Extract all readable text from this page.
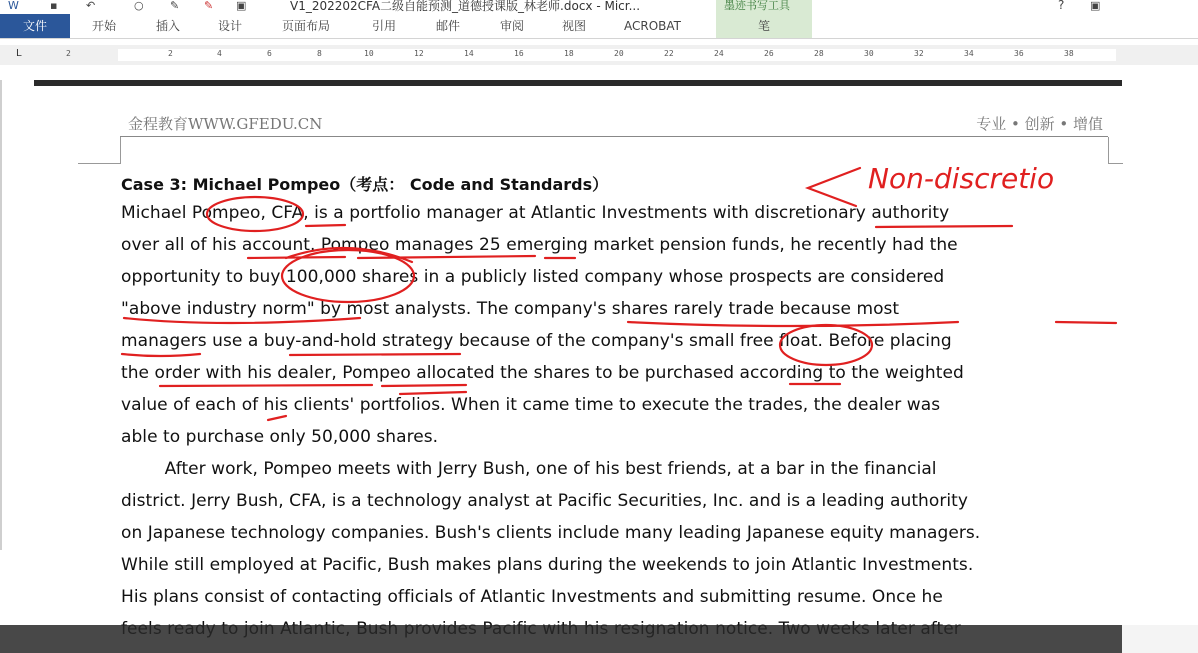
W	▪	↶	○ ✎ ✎ ▣	V1_202202CFA二级自能预测_道德授课版_林老师.docx - Micr...	墨迹书写工具	? ▣
文件	开始	插入	设计	页面布局	引用	邮件	审阅	视图	ACROBAT	笔
2	2	4	6	8	10	12	14	16	18	20	22	24	26	28	30	32	34	36	38
L
金程教育WWW.GFEDU.CN	专业 • 创新 • 增值
Case 3: Michael Pompeo（考点： Code and Standards）
Michael Pompeo, CFA, is a portfolio manager at Atlantic Investments with discretionary authority
over all of his account. Pompeo manages 25 emerging market pension funds, he recently had the
opportunity to buy 100,000 shares in a publicly listed company whose prospects are considered
"above industry norm" by most analysts. The company's shares rarely trade because most
managers use a buy-and-hold strategy because of the company's small free float. Before placing
the order with his dealer, Pompeo allocated the shares to be purchased according to the weighted
value of each of his clients' portfolios. When it came time to execute the trades, the dealer was
able to purchase only 50,000 shares.
After work, Pompeo meets with Jerry Bush, one of his best friends, at a bar in the financial
district. Jerry Bush, CFA, is a technology analyst at Pacific Securities, Inc. and is a leading authority
on Japanese technology companies. Bush's clients include many leading Japanese equity managers.
While still employed at Pacific, Bush makes plans during the weekends to join Atlantic Investments.
His plans consist of contacting officials of Atlantic Investments and submitting resume. Once he
Non-discretio
